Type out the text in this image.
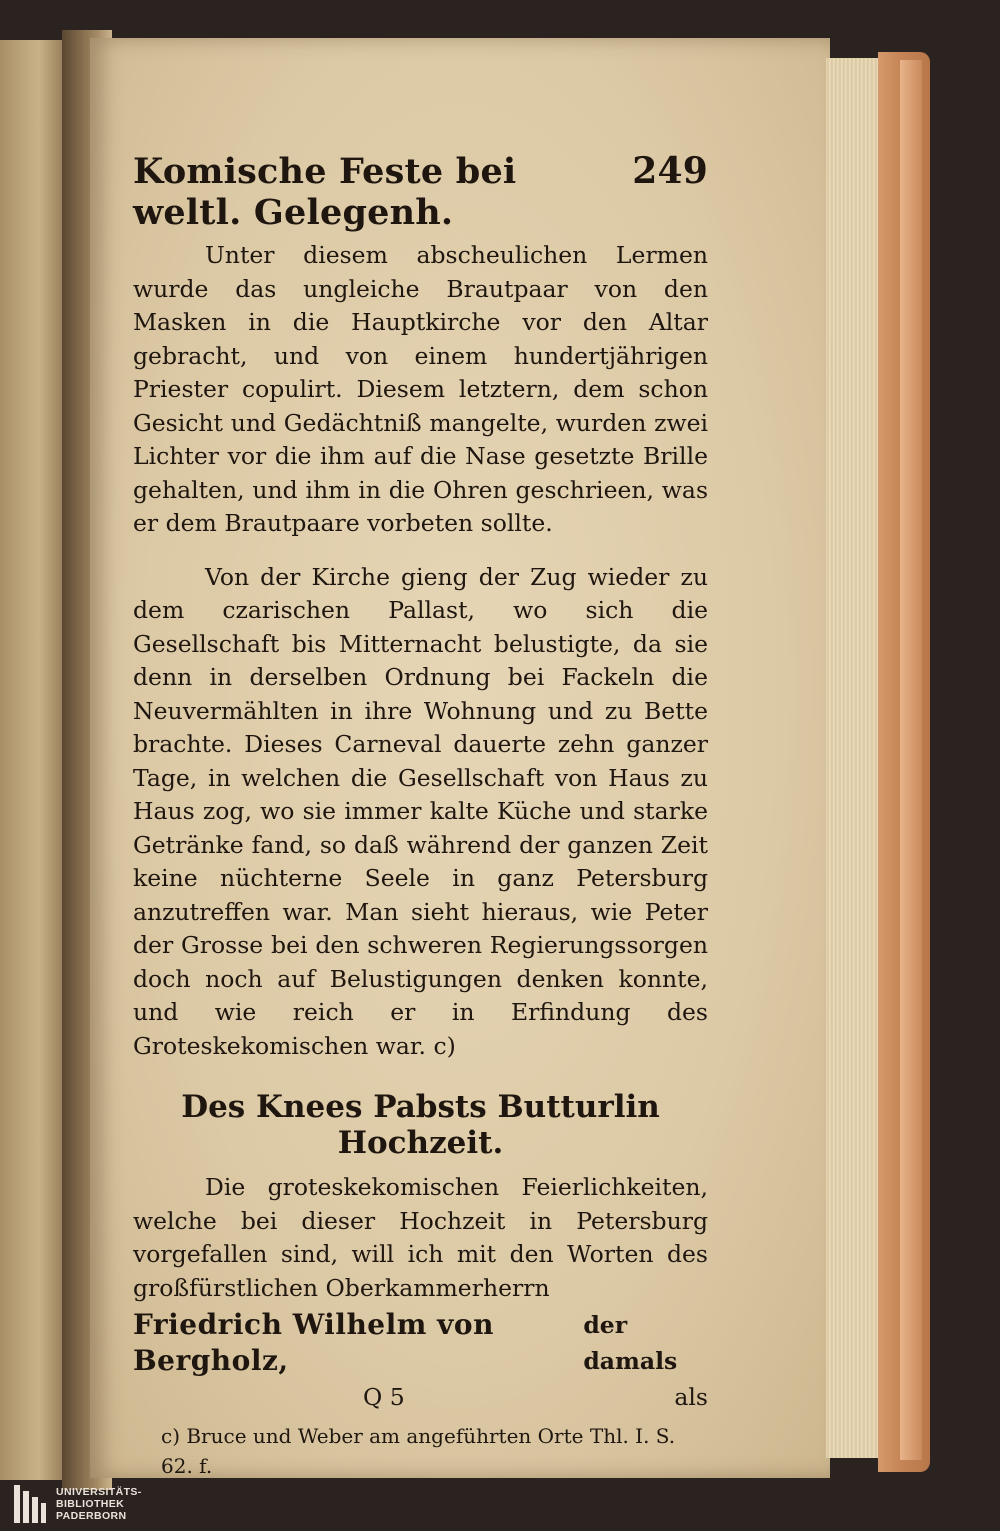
Komische Feste bei weltl. Gelegenh.
249

Unter diesem abscheulichen Lermen wurde das ungleiche Brautpaar von den Masken in die Hauptkirche vor den Altar gebracht, und von einem hundertjährigen Priester copulirt. Diesem letztern, dem schon Gesicht und Gedächtniß mangelte, wurden zwei Lichter vor die ihm auf die Nase gesetzte Brille gehalten, und ihm in die Ohren geschrieen, was er dem Brautpaare vorbeten sollte.

Von der Kirche gieng der Zug wieder zu dem czarischen Pallast, wo sich die Gesellschaft bis Mitternacht belustigte, da sie denn in derselben Ordnung bei Fackeln die Neuvermählten in ihre Wohnung und zu Bette brachte. Dieses Carneval dauerte zehn ganzer Tage, in welchen die Gesellschaft von Haus zu Haus zog, wo sie immer kalte Küche und starke Getränke fand, so daß während der ganzen Zeit keine nüchterne Seele in ganz Petersburg anzutreffen war. Man sieht hieraus, wie Peter der Grosse bei den schweren Regierungssorgen doch noch auf Belustigungen denken konnte, und wie reich er in Erfindung des Groteskekomischen war. c)

Des Knees Pabsts Butturlin Hochzeit.

Die groteskekomischen Feierlichkeiten, welche bei dieser Hochzeit in Petersburg vorgefallen sind, will ich mit den Worten des großfürstlichen Oberkammerherrn

Friedrich Wilhelm von Bergholz,
der damals
Q 5	als
c) Bruce und Weber am angeführten Orte Thl. I. S. 62. f.
UNIVERSITÄTS-
BIBLIOTHEK
PADERBORN
